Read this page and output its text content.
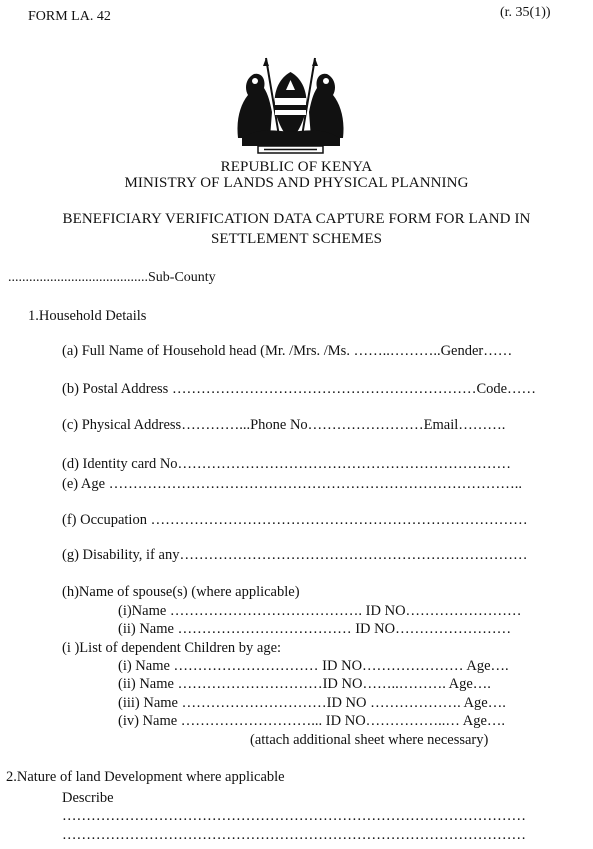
FORM LA. 42	(r. 35(1))
REPUBLIC OF KENYA
MINISTRY OF LANDS AND PHYSICAL PLANNING
BENEFICIARY VERIFICATION DATA CAPTURE FORM FOR LAND IN
SETTLEMENT SCHEMES
........................................Sub-County
1.Household Details
(a) Full Name of Household head (Mr. /Mrs. /Ms. ……..………..Gender……
(b) Postal Address ………………………………………………………Code……
(c) Physical Address…………...Phone No……………………Email……….
(d) Identity card No……………………………………………………………
(e) Age …………………………………………………………………………..
(f) Occupation ……………………………………………………………………
(g) Disability, if any………………………………………………………………
(h)Name of spouse(s) (where applicable)
(i)Name …………………………………. ID NO……………………
(ii) Name ……………………………… ID NO……………………
(i )List of dependent Children by age:
(i) Name ………………………… ID NO………………… Age….
(ii) Name …………………………ID NO……..………. Age….
(iii) Name …………………………ID NO ………………. Age….
(iv) Name ………………………... ID NO……………..… Age….
(attach additional sheet where necessary)
2.Nature of land Development where applicable
Describe
……………………………………………………………………………………
……………………………………………………………………………………
